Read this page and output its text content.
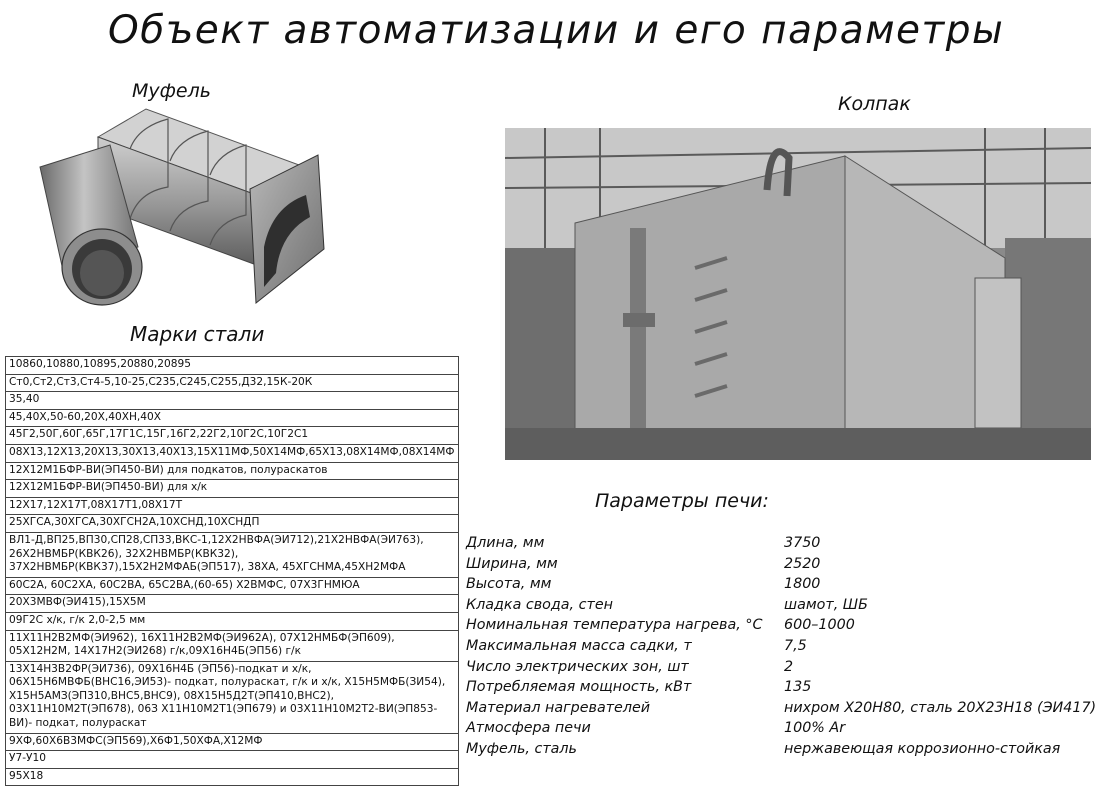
Объект автоматизации и его параметры
Муфель
Колпак
Марки стали
Параметры печи:
10860,10880,10895,20880,20895
Ст0,Ст2,Ст3,Ст4-5,10-25,С235,С245,С255,Д32,15К-20К
35,40
45,40Х,50-60,20Х,40ХН,40Х
45Г2,50Г,60Г,65Г,17Г1С,15Г,16Г2,22Г2,10Г2С,10Г2С1
08Х13,12Х13,20Х13,30Х13,40Х13,15Х11МФ,50Х14МФ,65Х13,08Х14МФ,08Х14МФ
12Х12М1БФР-ВИ(ЭП450-ВИ) для подкатов, полураскатов
12Х12М1БФР-ВИ(ЭП450-ВИ) для х/к
12Х17,12Х17Т,08Х17Т1,08Х17Т
25ХГСА,30ХГСА,30ХГСН2А,10ХСНД,10ХСНДП
ВЛ1-Д,ВП25,ВП30,СП28,СП33,ВКС-1,12Х2НВФА(ЭИ712),21Х2НВФА(ЭИ763), 26Х2НВМБР(КВК26), 32Х2НВМБР(КВК32), 37Х2НВМБР(КВК37),15Х2Н2МФАБ(ЭП517), 38ХА, 45ХГСНМА,45ХН2МФА
60С2А, 60С2ХА, 60С2ВА, 65С2ВА,(60-65) Х2ВМФС, 07Х3ГНМЮА
20Х3МВФ(ЭИ415),15Х5М
09Г2С х/к, г/к 2,0-2,5 мм
11Х11Н2В2МФ(ЭИ962), 16Х11Н2В2МФ(ЭИ962А), 07Х12НМБФ(ЭП609), 05Х12Н2М, 14Х17Н2(ЭИ268) г/к,09Х16Н4Б(ЭП56) г/к
13Х14Н3В2ФР(ЭИ736), 09Х16Н4Б (ЭП56)-подкат и х/к, 06Х15Н6МВФБ(ВНС16,ЭИ53)- подкат, полураскат, г/к и х/к, Х15Н5МФБ(ЗИ54), Х15Н5АМЗ(ЭП310,ВНС5,ВНС9), 08Х15Н5Д2Т(ЭП410,ВНС2), 03Х11Н10М2Т(ЭП678), 06З Х11Н10М2Т1(ЭП679) и 03Х11Н10М2Т2-ВИ(ЭП853-ВИ)- подкат, полураскат
9ХФ,60Х6В3МФС(ЭП569),Х6Ф1,50ХФА,Х12МФ
У7-У10
95Х18
Длина, мм	3750
Ширина, мм	2520
Высота, мм	1800
Кладка свода, стен	шамот, ШБ
Номинальная температура нагрева, °С 600–1000
Максимальная масса садки, т	7,5
Число электрических зон, шт	2
Потребляемая мощность, кВт	135
Материал нагревателей	нихром Х20Н80, сталь 20Х23Н18 (ЭИ417)
Атмосфера печи	100% Ar
Муфель, сталь	нержавеющая коррозионно-стойкая
